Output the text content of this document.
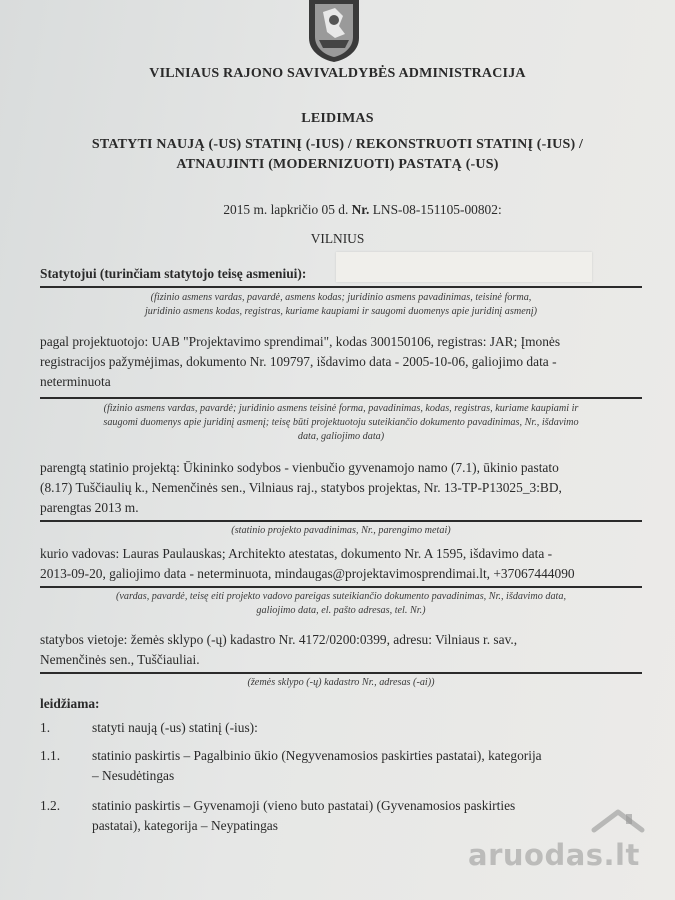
VILNIAUS RAJONO SAVIVALDYBĖS ADMINISTRACIJA
LEIDIMAS
STATYTI NAUJĄ (-US) STATINĮ (-IUS) / REKONSTRUOTI STATINĮ (-IUS) /
ATNAUJINTI (MODERNIZUOTI) PASTATĄ (-US)
2015 m. lapkričio 05 d. Nr. LNS-08-151105-00802:
VILNIUS
Statytojui (turinčiam statytojo teisę asmeniui):
(fizinio asmens vardas, pavardė, asmens kodas; juridinio asmens pavadinimas, teisinė forma,
juridinio asmens kodas, registras, kuriame kaupiami ir saugomi duomenys apie juridinį asmenį)
pagal projektuotojo: UAB "Projektavimo sprendimai", kodas 300150106, registras: JAR; Įmonės
registracijos pažymėjimas, dokumento Nr. 109797, išdavimo data - 2005-10-06, galiojimo data -
neterminuota
(fizinio asmens vardas, pavardė; juridinio asmens teisinė forma, pavadinimas, kodas, registras, kuriame kaupiami ir
saugomi duomenys apie juridinį asmenį; teisę būti projektuotoju suteikiančio dokumento pavadinimas, Nr., išdavimo
data, galiojimo data)
parengtą statinio projektą: Ūkininko sodybos - vienbučio gyvenamojo namo (7.1), ūkinio pastato
(8.17) Tuščiaulių k., Nemenčinės sen., Vilniaus raj., statybos projektas, Nr. 13-TP-P13025_3:BD,
parengtas 2013 m.
(statinio projekto pavadinimas, Nr., parengimo metai)
kurio vadovas: Lauras Paulauskas; Architekto atestatas, dokumento Nr. A 1595, išdavimo data -
2013-09-20, galiojimo data - neterminuota, mindaugas@projektavimosprendimai.lt, +37067444090
(vardas, pavardė, teisę eiti projekto vadovo pareigas suteikiančio dokumento pavadinimas, Nr., išdavimo data,
galiojimo data, el. pašto adresas, tel. Nr.)
statybos vietoje: žemės sklypo (-ų) kadastro Nr. 4172/0200:0399, adresu: Vilniaus r. sav.,
Nemenčinės sen., Tuščiauliai.
(žemės sklypo (-ų) kadastro Nr., adresas (-ai))
leidžiama:
1.	statyti naują (-us) statinį (-ius):
1.1. statinio paskirtis – Pagalbinio ūkio (Negyvenamosios paskirties pastatai), kategorija
– Nesudėtingas
1.2. statinio paskirtis – Gyvenamoji (vieno buto pastatai) (Gyvenamosios paskirties
pastatai), kategorija – Neypatingas
aruodas.lt
